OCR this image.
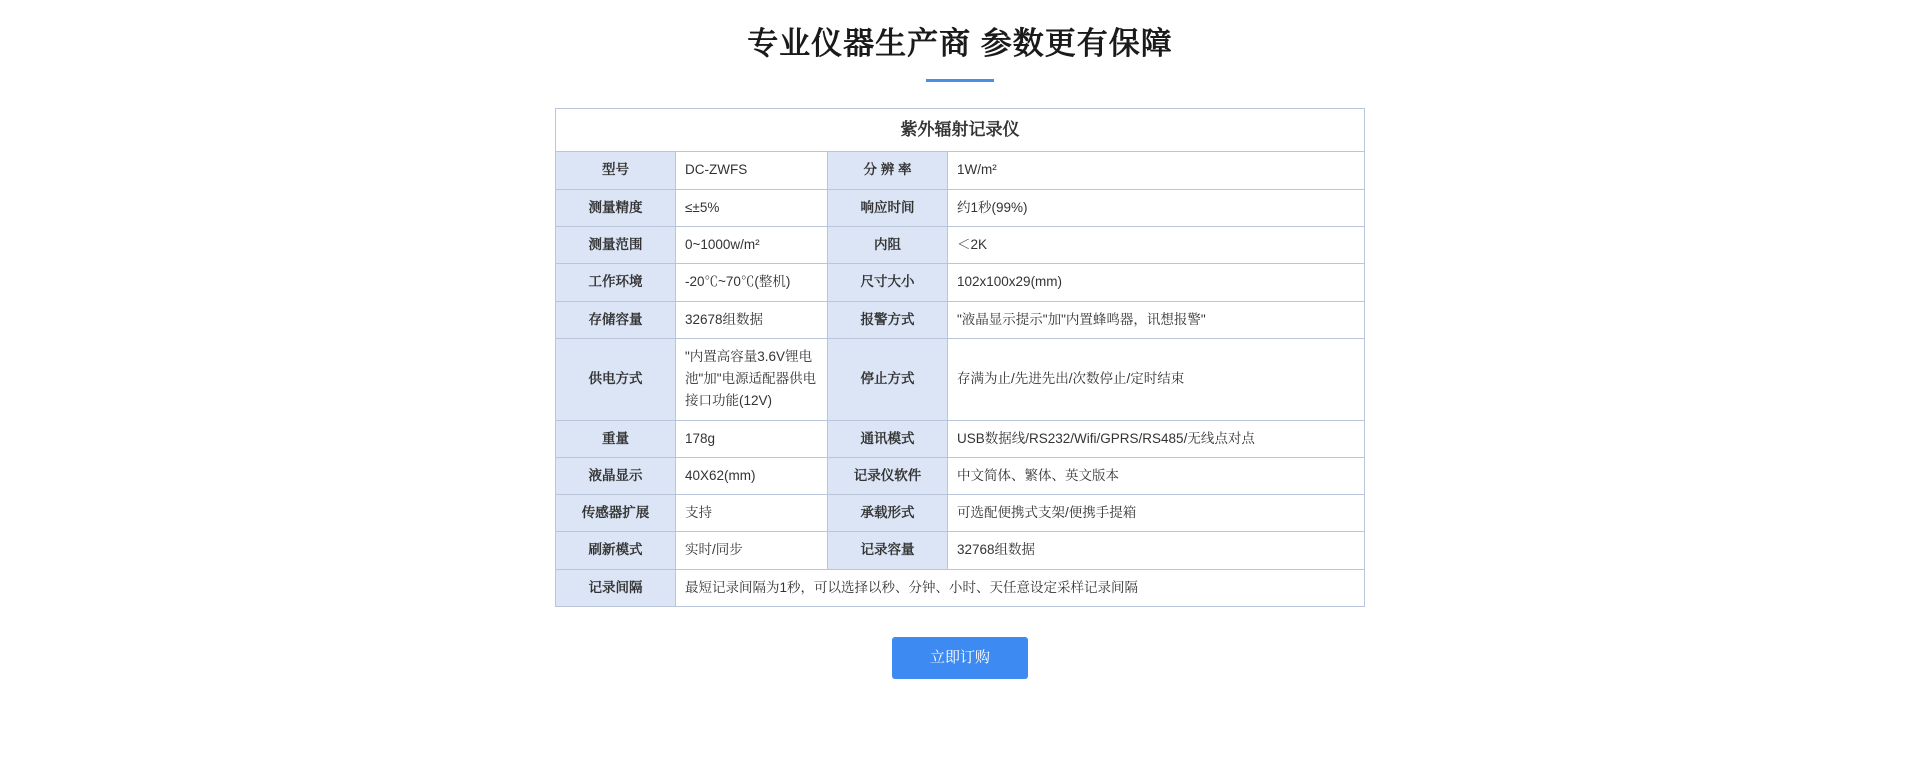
专业仪器生产商 参数更有保障
紫外辐射记录仪			
型号	DC-ZWFS	分 辨 率	1W/m²
测量精度	≤±5%	响应时间	约1秒(99%)
测量范围	0~1000w/m²	内阻	＜2K
工作环境	-20℃~70℃(整机)	尺寸大小	102x100x29(mm)
存储容量	32678组数据	报警方式	"液晶显示提示"加"内置蜂鸣器，讯想报警"
供电方式	"内置高容量3.6V锂电池"加"电源适配器供电接口功能(12V)	停止方式	存满为止/先进先出/次数停止/定时结束
重量	178g	通讯模式	USB数据线/RS232/Wifi/GPRS/RS485/无线点对点
液晶显示	40X62(mm)	记录仪软件	中文简体、繁体、英文版本
传感器扩展	支持	承载形式	可选配便携式支架/便携手提箱
刷新模式	实时/同步	记录容量	32768组数据
记录间隔	最短记录间隔为1秒，可以选择以秒、分钟、小时、天任意设定采样记录间隔		
立即订购
